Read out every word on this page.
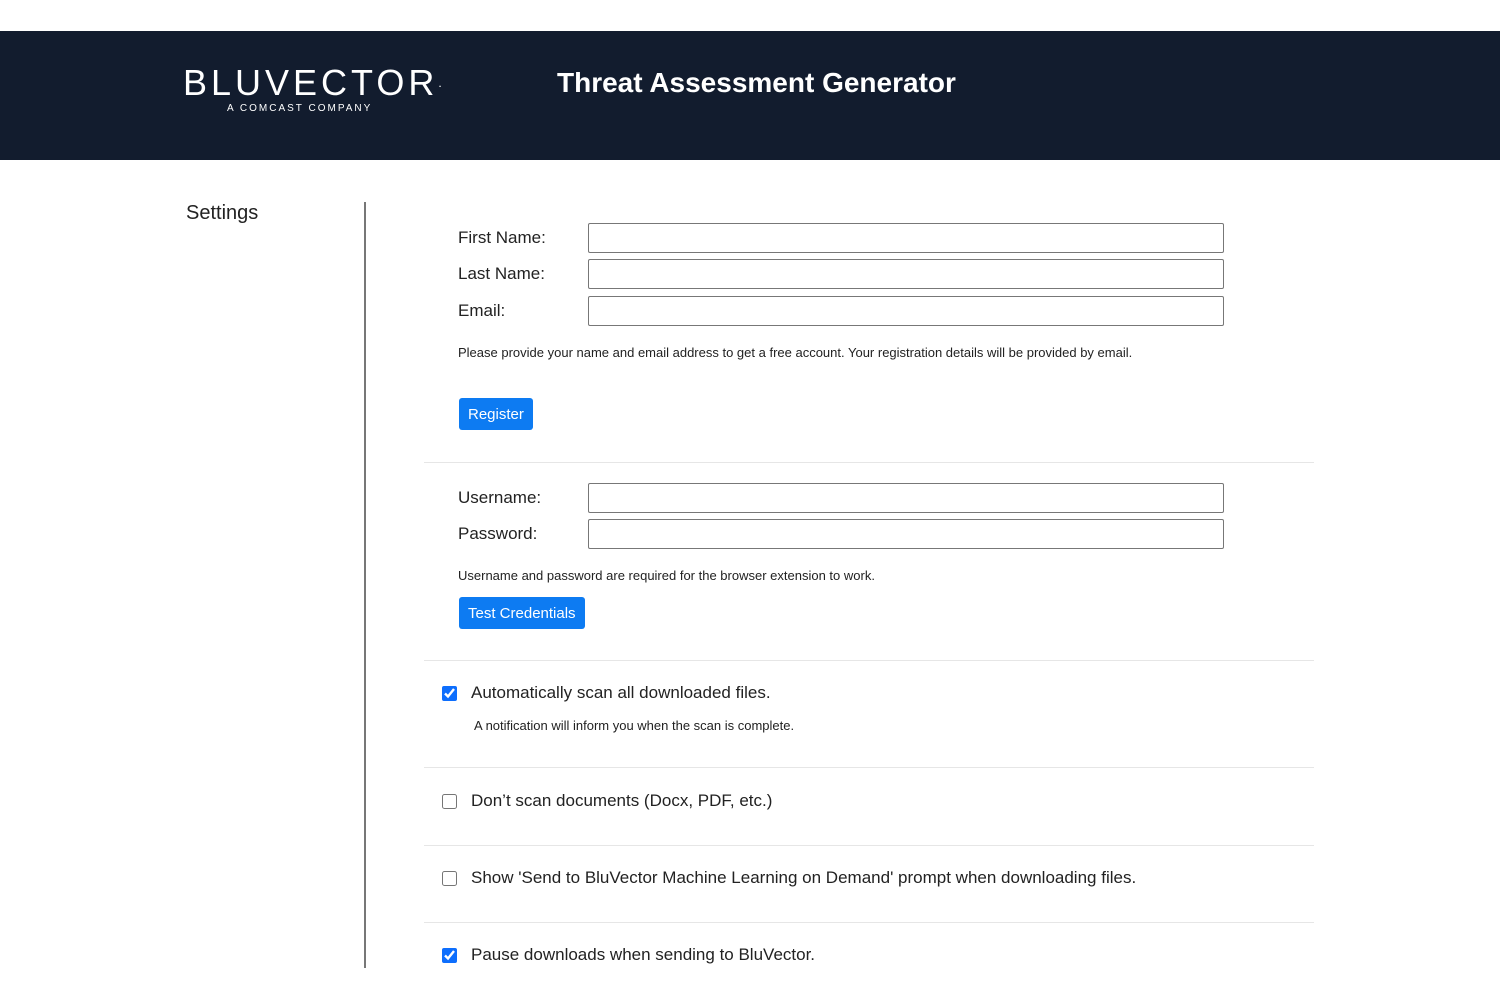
BLUVECTOR.
A COMCAST COMPANY
Threat Assessment Generator
Settings
First Name:
Last Name:
Email:
Please provide your name and email address to get a free account. Your registration details will be provided by email.
Register
Username:
Password:
Username and password are required for the browser extension to work.
Test Credentials
Automatically scan all downloaded files.
A notification will inform you when the scan is complete.
Don’t scan documents (Docx, PDF, etc.)
Show 'Send to BluVector Machine Learning on Demand' prompt when downloading files.
Pause downloads when sending to BluVector.
